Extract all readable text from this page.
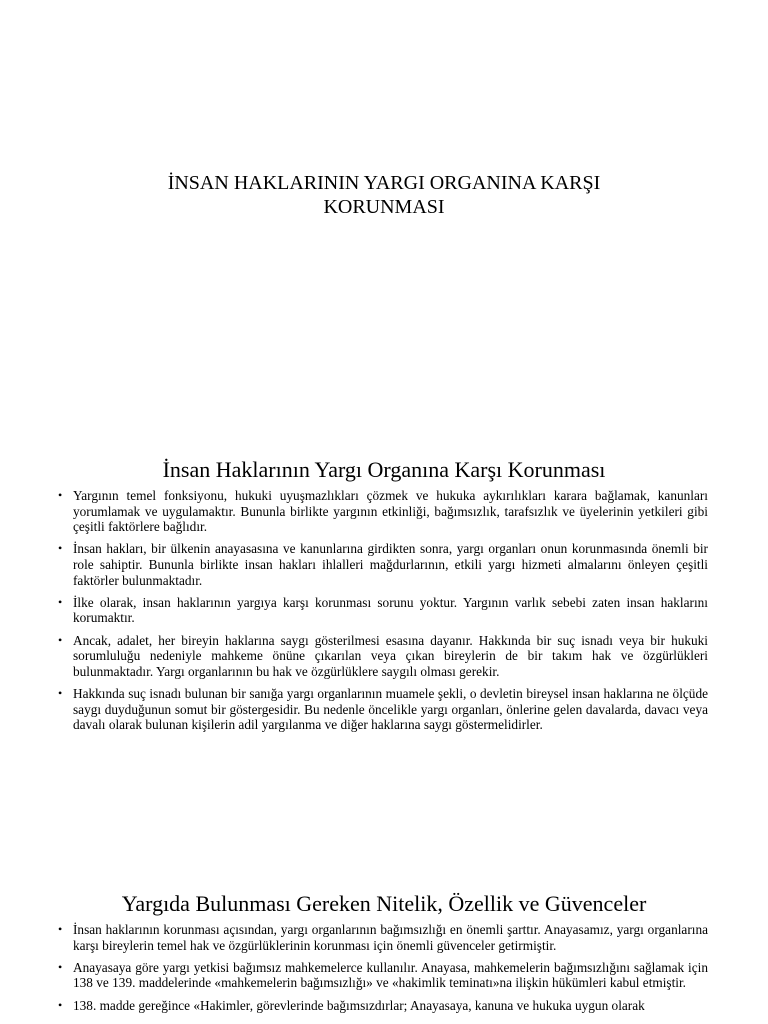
İNSAN HAKLARININ YARGI ORGANINA KARŞI
KORUNMASI
İnsan Haklarının Yargı Organına Karşı Korunması
• Yargının temel fonksiyonu, hukuki uyuşmazlıkları çözmek ve hukuka aykırılıkları karara bağlamak, kanunları yorumlamak ve uygulamaktır. Bununla birlikte yargının etkinliği, bağımsızlık, tarafsızlık ve üyelerinin yetkileri gibi çeşitli faktörlere bağlıdır.
• İnsan hakları, bir ülkenin anayasasına ve kanunlarına girdikten sonra, yargı organları onun korunmasında önemli bir role sahiptir. Bununla birlikte insan hakları ihlalleri mağdurlarının, etkili yargı hizmeti almalarını önleyen çeşitli faktörler bulunmaktadır.
• İlke olarak, insan haklarının yargıya karşı korunması sorunu yoktur. Yargının varlık sebebi zaten insan haklarını korumaktır.
• Ancak, adalet, her bireyin haklarına saygı gösterilmesi esasına dayanır. Hakkında bir suç isnadı veya bir hukuki sorumluluğu nedeniyle mahkeme önüne çıkarılan veya çıkan bireylerin de bir takım hak ve özgürlükleri bulunmaktadır. Yargı organlarının bu hak ve özgürlüklere saygılı olması gerekir.
• Hakkında suç isnadı bulunan bir sanığa yargı organlarının muamele şekli, o devletin bireysel insan haklarına ne ölçüde saygı duyduğunun somut bir göstergesidir. Bu nedenle öncelikle yargı organları, önlerine gelen davalarda, davacı veya davalı olarak bulunan kişilerin adil yargılanma ve diğer haklarına saygı göstermelidirler.
Yargıda Bulunması Gereken Nitelik, Özellik ve Güvenceler
• İnsan haklarının korunması açısından, yargı organlarının bağımsızlığı en önemli şarttır. Anayasamız, yargı organlarına karşı bireylerin temel hak ve özgürlüklerinin korunması için önemli güvenceler getirmiştir.
• Anayasaya göre yargı yetkisi bağımsız mahkemelerce kullanılır. Anayasa, mahkemelerin bağımsızlığını sağlamak için 138 ve 139. maddelerinde «mahkemelerin bağımsızlığı» ve «hakimlik teminatı»na ilişkin hükümleri kabul etmiştir.
• 138. madde gereğince «Hakimler, görevlerinde bağımsızdırlar; Anayasaya, kanuna ve hukuka uygun olarak
